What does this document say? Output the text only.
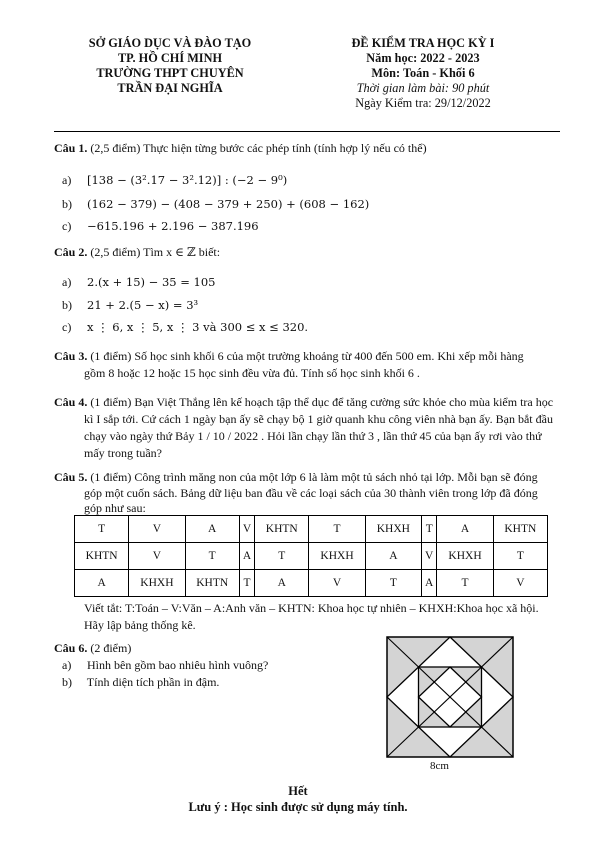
SỞ GIÁO DỤC VÀ ĐÀO TẠO
TP. HỒ CHÍ MINH
TRƯỜNG THPT CHUYÊN
TRẦN ĐẠI NGHĨA
ĐỀ KIỂM TRA HỌC KỲ I
Năm học: 2022 - 2023
Môn: Toán - Khối 6
Thời gian làm bài: 90 phút
Ngày Kiểm tra: 29/12/2022
Câu 1. (2,5 điểm) Thực hiện từng bước các phép tính (tính hợp lý nếu có thể)
a) [138 − (3².17 − 3².12)] : (−2 − 9⁰)
b) (162 − 379) − (408 − 379 + 250) + (608 − 162)
c) −615.196 + 2.196 − 387.196
Câu 2. (2,5 điểm) Tìm x ∈ ℤ biết:
a) 2.(x + 15) − 35 = 105
b) 21 + 2.(5 − x) = 3³
c) x ⋮ 6, x ⋮ 5, x ⋮ 3 và 300 ≤ x ≤ 320.
Câu 3. (1 điểm) Số học sinh khối 6 của một trường khoảng từ 400 đến 500 em. Khi xếp mỗi hàng
gồm 8 hoặc 12 hoặc 15 học sinh đều vừa đủ. Tính số học sinh khối 6 .
Câu 4. (1 điểm) Bạn Việt Thắng lên kế hoạch tập thể dục để tăng cường sức khỏe cho mùa kiểm tra học
kì I sắp tới. Cứ cách 1 ngày bạn ấy sẽ chạy bộ 1 giờ quanh khu công viên nhà bạn ấy. Bạn bắt đầu
chạy vào ngày thứ Bảy 1 / 10 / 2022 . Hỏi lần chạy lần thứ 3 , lần thứ 45 của bạn ấy rơi vào thứ
mấy trong tuần?
Câu 5. (1 điểm) Công trình măng non của một lớp 6 là làm một tủ sách nhỏ tại lớp. Mỗi bạn sẽ đóng
góp một cuốn sách. Bảng dữ liệu ban đầu về các loại sách của 30 thành viên trong lớp đã đóng
góp như sau:
T	V	A	V	KHTN	T	KHXH	T	A	KHTN
KHTN	V	T	A	T	KHXH	A	V	KHXH	T
A	KHXH	KHTN	T	A	V	T	A	T	V
Viết tắt: T:Toán – V:Văn – A:Anh văn – KHTN: Khoa học tự nhiên – KHXH:Khoa học xã hội.
Hãy lập bảng thống kê.
Câu 6. (2 điểm)
a) Hình bên gồm bao nhiêu hình vuông?
b) Tính diện tích phần in đậm.
8cm
Hết
Lưu ý : Học sinh được sử dụng máy tính.
